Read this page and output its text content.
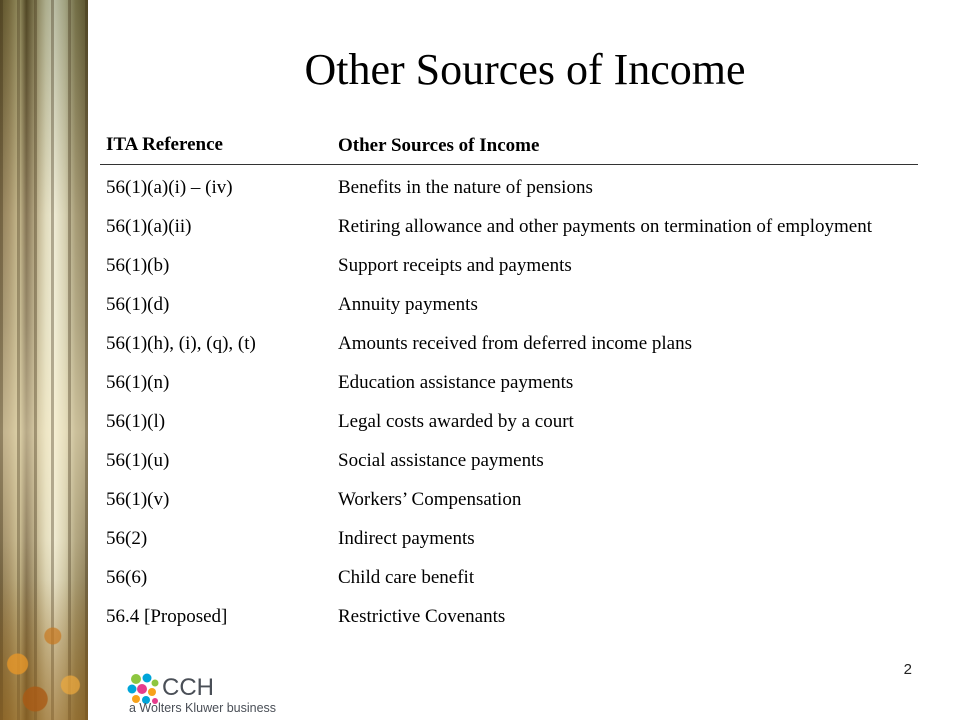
Other Sources of Income
ITA Reference	Other Sources of Income
56(1)(a)(i) – (iv)	Benefits in the nature of pensions
56(1)(a)(ii)	Retiring allowance and other payments on termination of employment
56(1)(b)	Support receipts and payments
56(1)(d)	Annuity payments
56(1)(h), (i), (q), (t)	Amounts received from deferred income plans
56(1)(n)	Education assistance payments
56(1)(l)	Legal costs awarded by a court
56(1)(u)	Social assistance payments
56(1)(v)	Workers’ Compensation
56(2)	Indirect payments
56(6)	Child care benefit
56.4 [Proposed]	Restrictive Covenants
2
CCH
a Wolters Kluwer business
